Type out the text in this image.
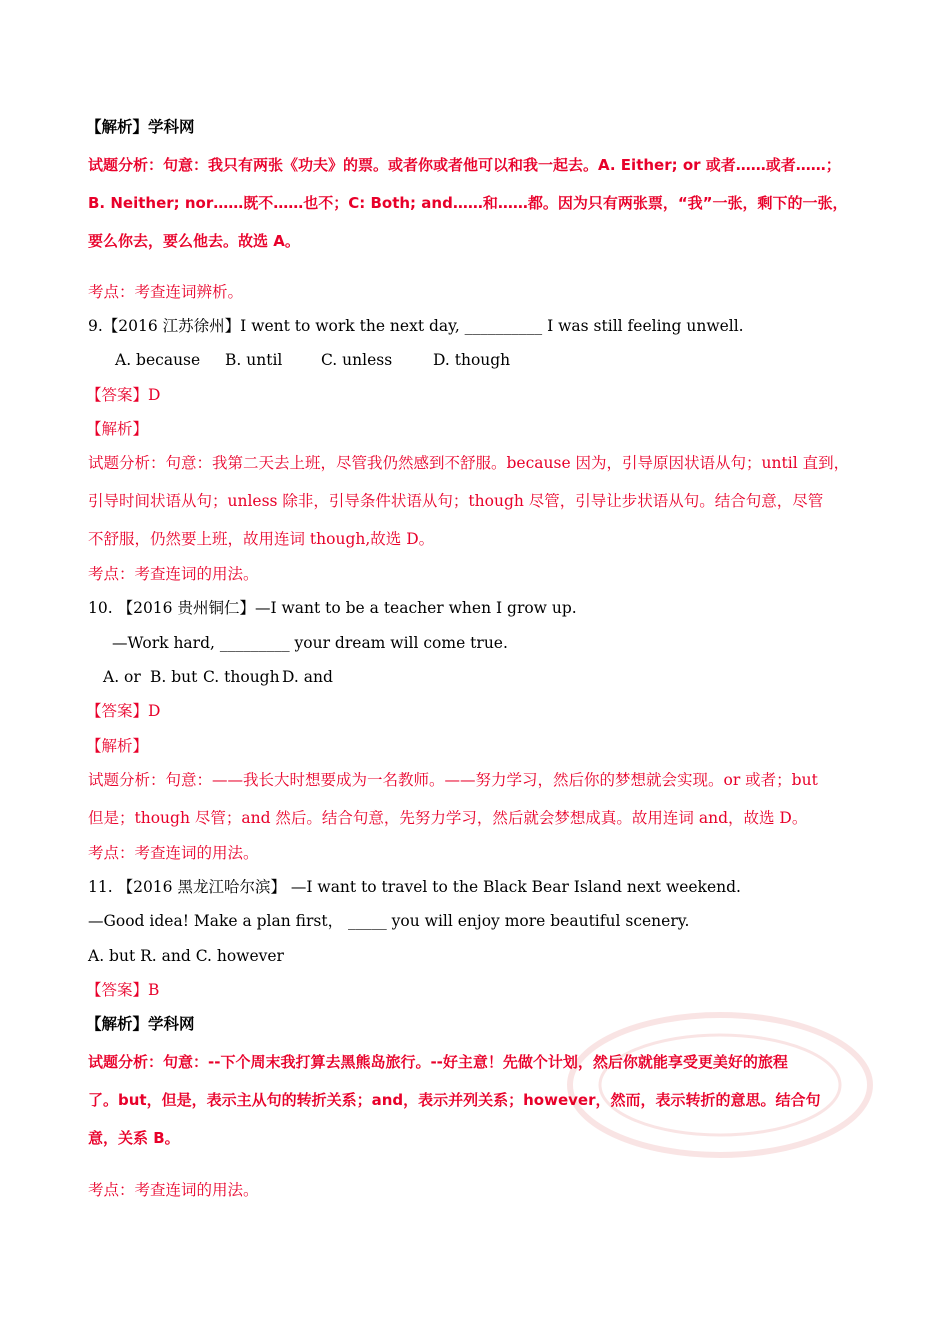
【解析】学科网
试题分析：句意：我只有两张《功夫》的票。或者你或者他可以和我一起去。A. Either; or 或者……或者……；
B. Neither; nor……既不……也不；C: Both; and……和……都。因为只有两张票，“我”一张，剩下的一张，
要么你去，要么他去。故选 A。
考点：考查连词辨析。
9.【2016 江苏徐州】I went to work the next day, __________ I was still feeling unwell.
A. because B. until C. unless	D. though
【答案】D
【解析】
试题分析：句意：我第二天去上班，尽管我仍然感到不舒服。because 因为，引导原因状语从句；until 直到，
引导时间状语从句；unless 除非，引导条件状语从句；though 尽管，引导让步状语从句。结合句意，尽管
不舒服，仍然要上班，故用连词 though,故选 D。
考点：考查连词的用法。
10. 【2016 贵州铜仁】—I want to be a teacher when I grow up.
—Work hard, _________ your dream will come true.
A. or B. but C. though D. and
【答案】D
【解析】
试题分析：句意：——我长大时想要成为一名教师。——努力学习，然后你的梦想就会实现。or 或者；but
但是；though 尽管；and 然后。结合句意，先努力学习，然后就会梦想成真。故用连词 and，故选 D。
考点：考查连词的用法。
11. 【2016 黑龙江哈尔滨】 —I want to travel to the Black Bear Island next weekend.
—Good idea! Make a plan first， _____ you will enjoy more beautiful scenery.
A. but R. and C. however
【答案】B
【解析】学科网
试题分析：句意：--下个周末我打算去黑熊岛旅行。--好主意！先做个计划，然后你就能享受更美好的旅程
了。but，但是，表示主从句的转折关系；and，表示并列关系；however，然而，表示转折的意思。结合句
意，关系 B。
考点：考查连词的用法。
